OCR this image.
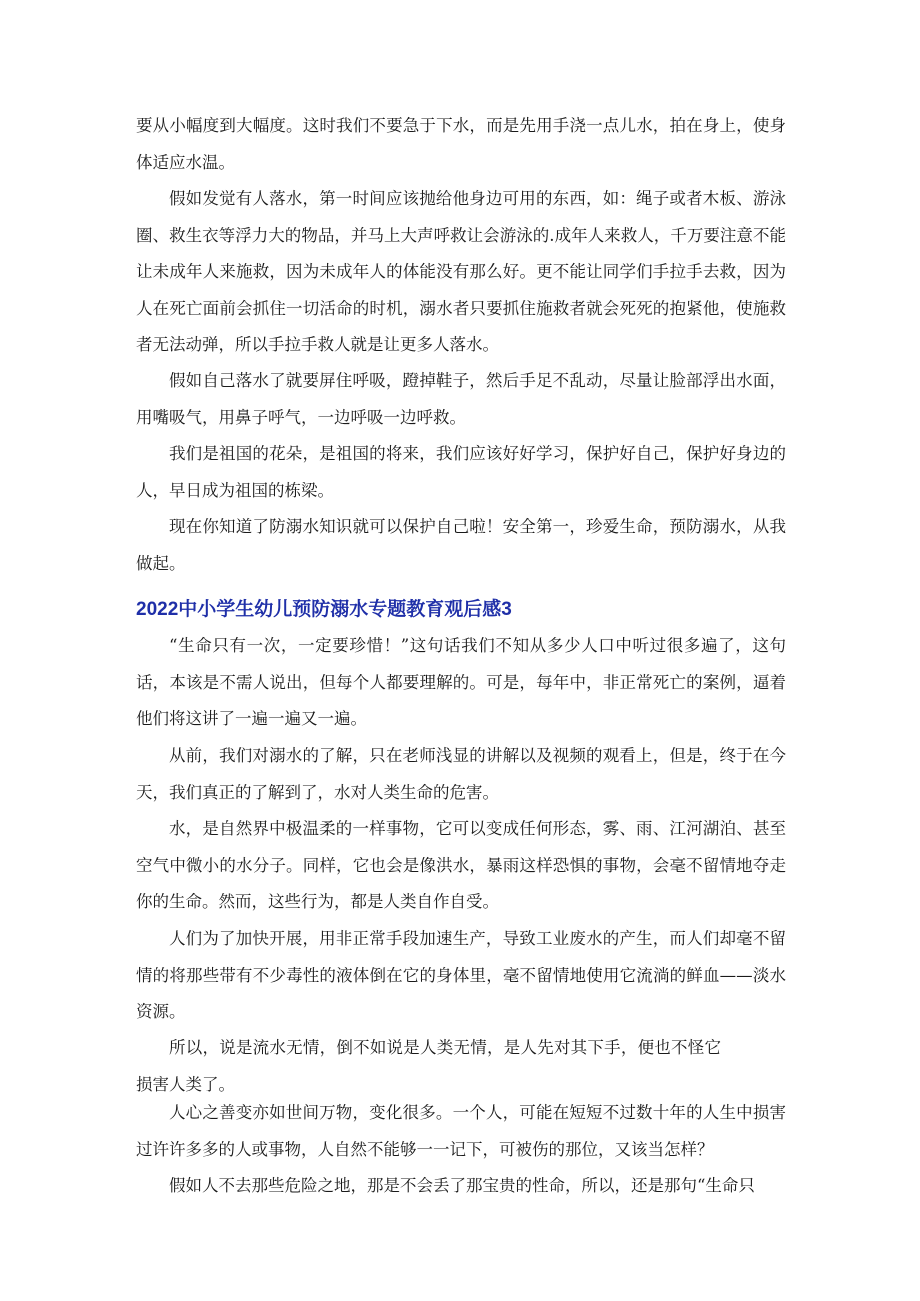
要从小幅度到大幅度。这时我们不要急于下水，而是先用手浇一点儿水，拍在身上，使身体适应水温。

假如发觉有人落水，第一时间应该抛给他身边可用的东西，如：绳子或者木板、游泳圈、救生衣等浮力大的物品，并马上大声呼救让会游泳的.成年人来救人，千万要注意不能让未成年人来施救，因为未成年人的体能没有那么好。更不能让同学们手拉手去救，因为人在死亡面前会抓住一切活命的时机，溺水者只要抓住施救者就会死死的抱紧他，使施救者无法动弹，所以手拉手救人就是让更多人落水。

假如自己落水了就要屏住呼吸，蹬掉鞋子，然后手足不乱动，尽量让脸部浮出水面，用嘴吸气，用鼻子呼气，一边呼吸一边呼救。

我们是祖国的花朵，是祖国的将来，我们应该好好学习，保护好自己，保护好身边的人，早日成为祖国的栋梁。

现在你知道了防溺水知识就可以保护自己啦！安全第一，珍爱生命，预防溺水，从我做起。

2022中小学生幼儿预防溺水专题教育观后感3

“生命只有一次，一定要珍惜！”这句话我们不知从多少人口中听过很多遍了，这句话，本该是不需人说出，但每个人都要理解的。可是，每年中，非正常死亡的案例，逼着他们将这讲了一遍一遍又一遍。

从前，我们对溺水的了解，只在老师浅显的讲解以及视频的观看上，但是，终于在今天，我们真正的了解到了，水对人类生命的危害。

水，是自然界中极温柔的一样事物，它可以变成任何形态，雾、雨、江河湖泊、甚至空气中微小的水分子。同样，它也会是像洪水，暴雨这样恐惧的事物，会毫不留情地夺走你的生命。然而，这些行为，都是人类自作自受。

人们为了加快开展，用非正常手段加速生产，导致工业废水的产生，而人们却毫不留情的将那些带有不少毒性的液体倒在它的身体里，毫不留情地使用它流淌的鲜血——淡水资源。

所以，说是流水无情，倒不如说是人类无情，是人先对其下手，便也不怪它损害人类了。

人心之善变亦如世间万物，变化很多。一个人，可能在短短不过数十年的人生中损害过许许多多的人或事物，人自然不能够一一记下，可被伤的那位，又该当怎样？

假如人不去那些危险之地，那是不会丢了那宝贵的性命，所以，还是那句“生命只
